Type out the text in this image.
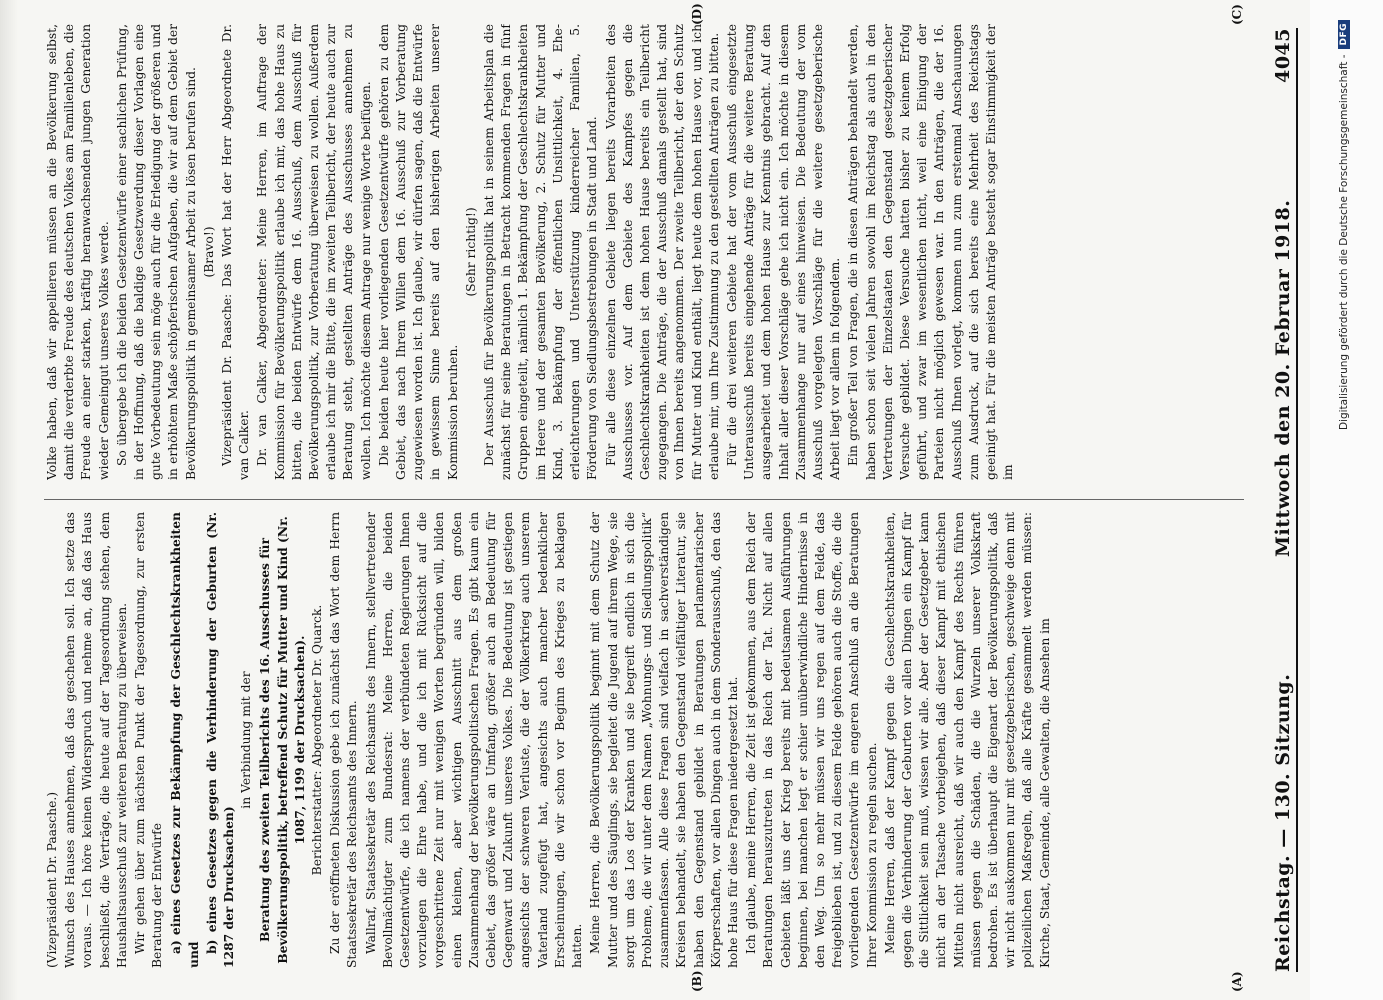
Reichstag. — 130. Sitzung.
Mittwoch den 20. Februar 1918.
4045
(A)
(B)
(C)
(D)

(Vizepräsident Dr. Paasche.) Wunsch des Hauses annehmen, daß das geschehen soll. Ich setze das voraus. — Ich höre keinen Widerspruch und nehme an, daß das Haus beschließt, die Verträge, die heute auf der Tagesordnung stehen, dem Haushaltsausschuß zur weiteren Beratung zu überweisen. Wir gehen über zum nächsten Punkt der Tagesordnung, zur ersten Beratung der Entwürfe a) eines Gesetzes zur Bekämpfung der Geschlechtskrankheiten und

b) eines Gesetzes gegen die Verhinderung der Geburten (Nr. 1287 der Drucksachen)

in Verbindung mit der Beratung des zweiten Teilberichts des 16. Ausschusses für Bevölkerungspolitik, betreffend Schutz für Mutter und Kind (Nr. 1087, 1199 der Drucksachen). Berichterstatter: Abgeordneter Dr. Quarck. Zu der eröffneten Diskussion gebe ich zunächst das Wort dem Herrn Staatssekretär des Reichsamts des Innern. Wallraf, Staatssekretär des Reichsamts des Innern, stellvertretender Bevollmächtigter zum Bundesrat: Meine Herren, die beiden Gesetzentwürfe, die ich namens der verbündeten Regierungen Ihnen vorzulegen die Ehre habe, und die ich mit Rücksicht auf die vorgeschrittene Zeit nur mit wenigen Worten begründen will, bilden einen kleinen, aber wichtigen Ausschnitt aus dem großen Zusammenhang der bevölkerungspolitischen Fragen. Es gibt kaum ein Gebiet, das größer wäre an Umfang, größer auch an Bedeutung für Gegenwart und Zukunft unseres Volkes. Die Bedeutung ist gestiegen angesichts der schweren Verluste, die der Völkerkrieg auch unserem Vaterland zugefügt hat, angesichts auch mancher bedenklicher Erscheinungen, die wir schon vor Beginn des Krieges zu beklagen hatten. Meine Herren, die Bevölkerungspolitik beginnt mit dem Schutz der Mutter und des Säuglings, sie begleitet die Jugend auf ihrem Wege, sie sorgt um das Los der Kranken und sie begreift endlich in sich die Probleme, die wir unter dem Namen „Wohnungs- und Siedlungspolitik“ zusammenfassen. Alle diese Fragen sind vielfach in sachverständigen Kreisen behandelt, sie haben den Gegenstand vielfältiger Literatur, sie haben den Gegenstand gebildet in Beratungen parlamentarischer Körperschaften, vor allen Dingen auch in dem Sonderausschuß, den das hohe Haus für diese Fragen niedergesetzt hat. Ich glaube, meine Herren, die Zeit ist gekommen, aus dem Reich der Beratungen herauszutreten in das Reich der Tat. Nicht auf allen Gebieten läßt uns der Krieg bereits mit bedeutsamen Ausführungen beginnen, bei manchen legt er schier unüberwindliche Hindernisse in den Weg. Um so mehr müssen wir uns regen auf dem Felde, das freigeblieben ist, und zu diesem Felde gehören auch die Stoffe, die die vorliegenden Gesetzentwürfe im engeren Anschluß an die Beratungen Ihrer Kommission zu regeln suchen. Meine Herren, daß der Kampf gegen die Geschlechtskrankheiten, gegen die Verhinderung der Geburten vor allen Dingen ein Kampf für die Sittlichkeit sein muß, wissen wir alle. Aber der Gesetzgeber kann nicht an der Tatsache vorbeigehen, daß dieser Kampf mit ethischen Mitteln nicht ausreicht, daß wir auch den Kampf des Rechts führen müssen gegen die Schäden, die die Wurzeln unserer Volkskraft bedrohen. Es ist überhaupt die Eigenart der Bevölkerungspolitik, daß wir nicht auskommen nur mit gesetzgeberischen, geschweige denn mit polizeilichen Maßregeln, daß alle Kräfte gesammelt werden müssen: Kirche, Staat, Gemeinde, alle Gewalten, die Ansehen im

Volke haben, daß wir appellieren müssen an die Bevölkerung selbst, damit die verderbte Freude des deutschen Volkes am Familienleben, die Freude an einer starken, kräftig heranwachsenden jungen Generation wieder Gemeingut unseres Volkes werde. So übergebe ich die beiden Gesetzentwürfe einer sachlichen Prüfung, in der Hoffnung, daß die baldige Gesetzwerdung dieser Vorlagen eine gute Vorbedeutung sein möge auch für die Erledigung der größeren und in erhöhtem Maße schöpferischen Aufgaben, die wir auf dem Gebiet der Bevölkerungspolitik in gemeinsamer Arbeit zu lösen berufen sind. (Bravo!) Vizepräsident Dr. Paasche: Das Wort hat der Herr Abgeordnete Dr. van Calker. Dr. van Calker, Abgeordneter: Meine Herren, im Auftrage der Kommission für Bevölkerungspolitik erlaube ich mir, das hohe Haus zu bitten, die beiden Entwürfe dem 16. Ausschuß, dem Ausschuß für Bevölkerungspolitik, zur Vorberatung überweisen zu wollen. Außerdem erlaube ich mir die Bitte, die im zweiten Teilbericht, der heute auch zur Beratung steht, gestellten Anträge des Ausschusses annehmen zu wollen. Ich möchte diesem Antrage nur wenige Worte beifügen. Die beiden heute hier vorliegenden Gesetzentwürfe gehören zu dem Gebiet, das nach Ihrem Willen dem 16. Ausschuß zur Vorberatung zugewiesen worden ist. Ich glaube, wir dürfen sagen, daß die Entwürfe in gewissem Sinne bereits auf den bisherigen Arbeiten unserer Kommission beruhen.

(Sehr richtig!) Der Ausschuß für Bevölkerungspolitik hat in seinem Arbeitsplan die zunächst für seine Beratungen in Betracht kommenden Fragen in fünf Gruppen eingeteilt, nämlich 1. Bekämpfung der Geschlechtskrankheiten im Heere und der gesamten Bevölkerung, 2. Schutz für Mutter und Kind, 3. Bekämpfung der öffentlichen Unsittlichkeit, 4. Ehe-erleichterungen und Unterstützung kinderreicher Familien, 5. Förderung von Siedlungsbestrebungen in Stadt und Land. Für alle diese einzelnen Gebiete liegen bereits Vorarbeiten des Ausschusses vor. Auf dem Gebiete des Kampfes gegen die Geschlechtskrankheiten ist dem hohen Hause bereits ein Teilbericht zugegangen. Die Anträge, die der Ausschuß damals gestellt hat, sind von Ihnen bereits angenommen. Der zweite Teilbericht, der den Schutz für Mutter und Kind enthält, liegt heute dem hohen Hause vor, und ich erlaube mir, um Ihre Zustimmung zu den gestellten Anträgen zu bitten. Für die drei weiteren Gebiete hat der vom Ausschuß eingesetzte Unterausschuß bereits eingehende Anträge für die weitere Beratung ausgearbeitet und dem hohen Hause zur Kenntnis gebracht. Auf den Inhalt aller dieser Vorschläge gehe ich nicht ein. Ich möchte in diesem Zusammenhange nur auf eines hinweisen. Die Bedeutung der vom Ausschuß vorgelegten Vorschläge für die weitere gesetzgeberische Arbeit liegt vor allem in folgendem. Ein großer Teil von Fragen, die in diesen Anträgen behandelt werden, haben schon seit vielen Jahren sowohl im Reichstag als auch in den Vertretungen der Einzelstaaten den Gegenstand gesetzgeberischer Versuche gebildet. Diese Versuche hatten bisher zu keinem Erfolg geführt, und zwar im wesentlichen nicht, weil eine Einigung der Parteien nicht möglich gewesen war. In den Anträgen, die der 16. Ausschuß Ihnen vorlegt, kommen nun zum erstenmal Anschauungen zum Ausdruck, auf die sich bereits eine Mehrheit des Reichstags geeinigt hat. Für die meisten Anträge besteht sogar Einstimmigkeit der im

Digitalisierung gefördert durch die Deutsche Forschungsgemeinschaft -
DFG
